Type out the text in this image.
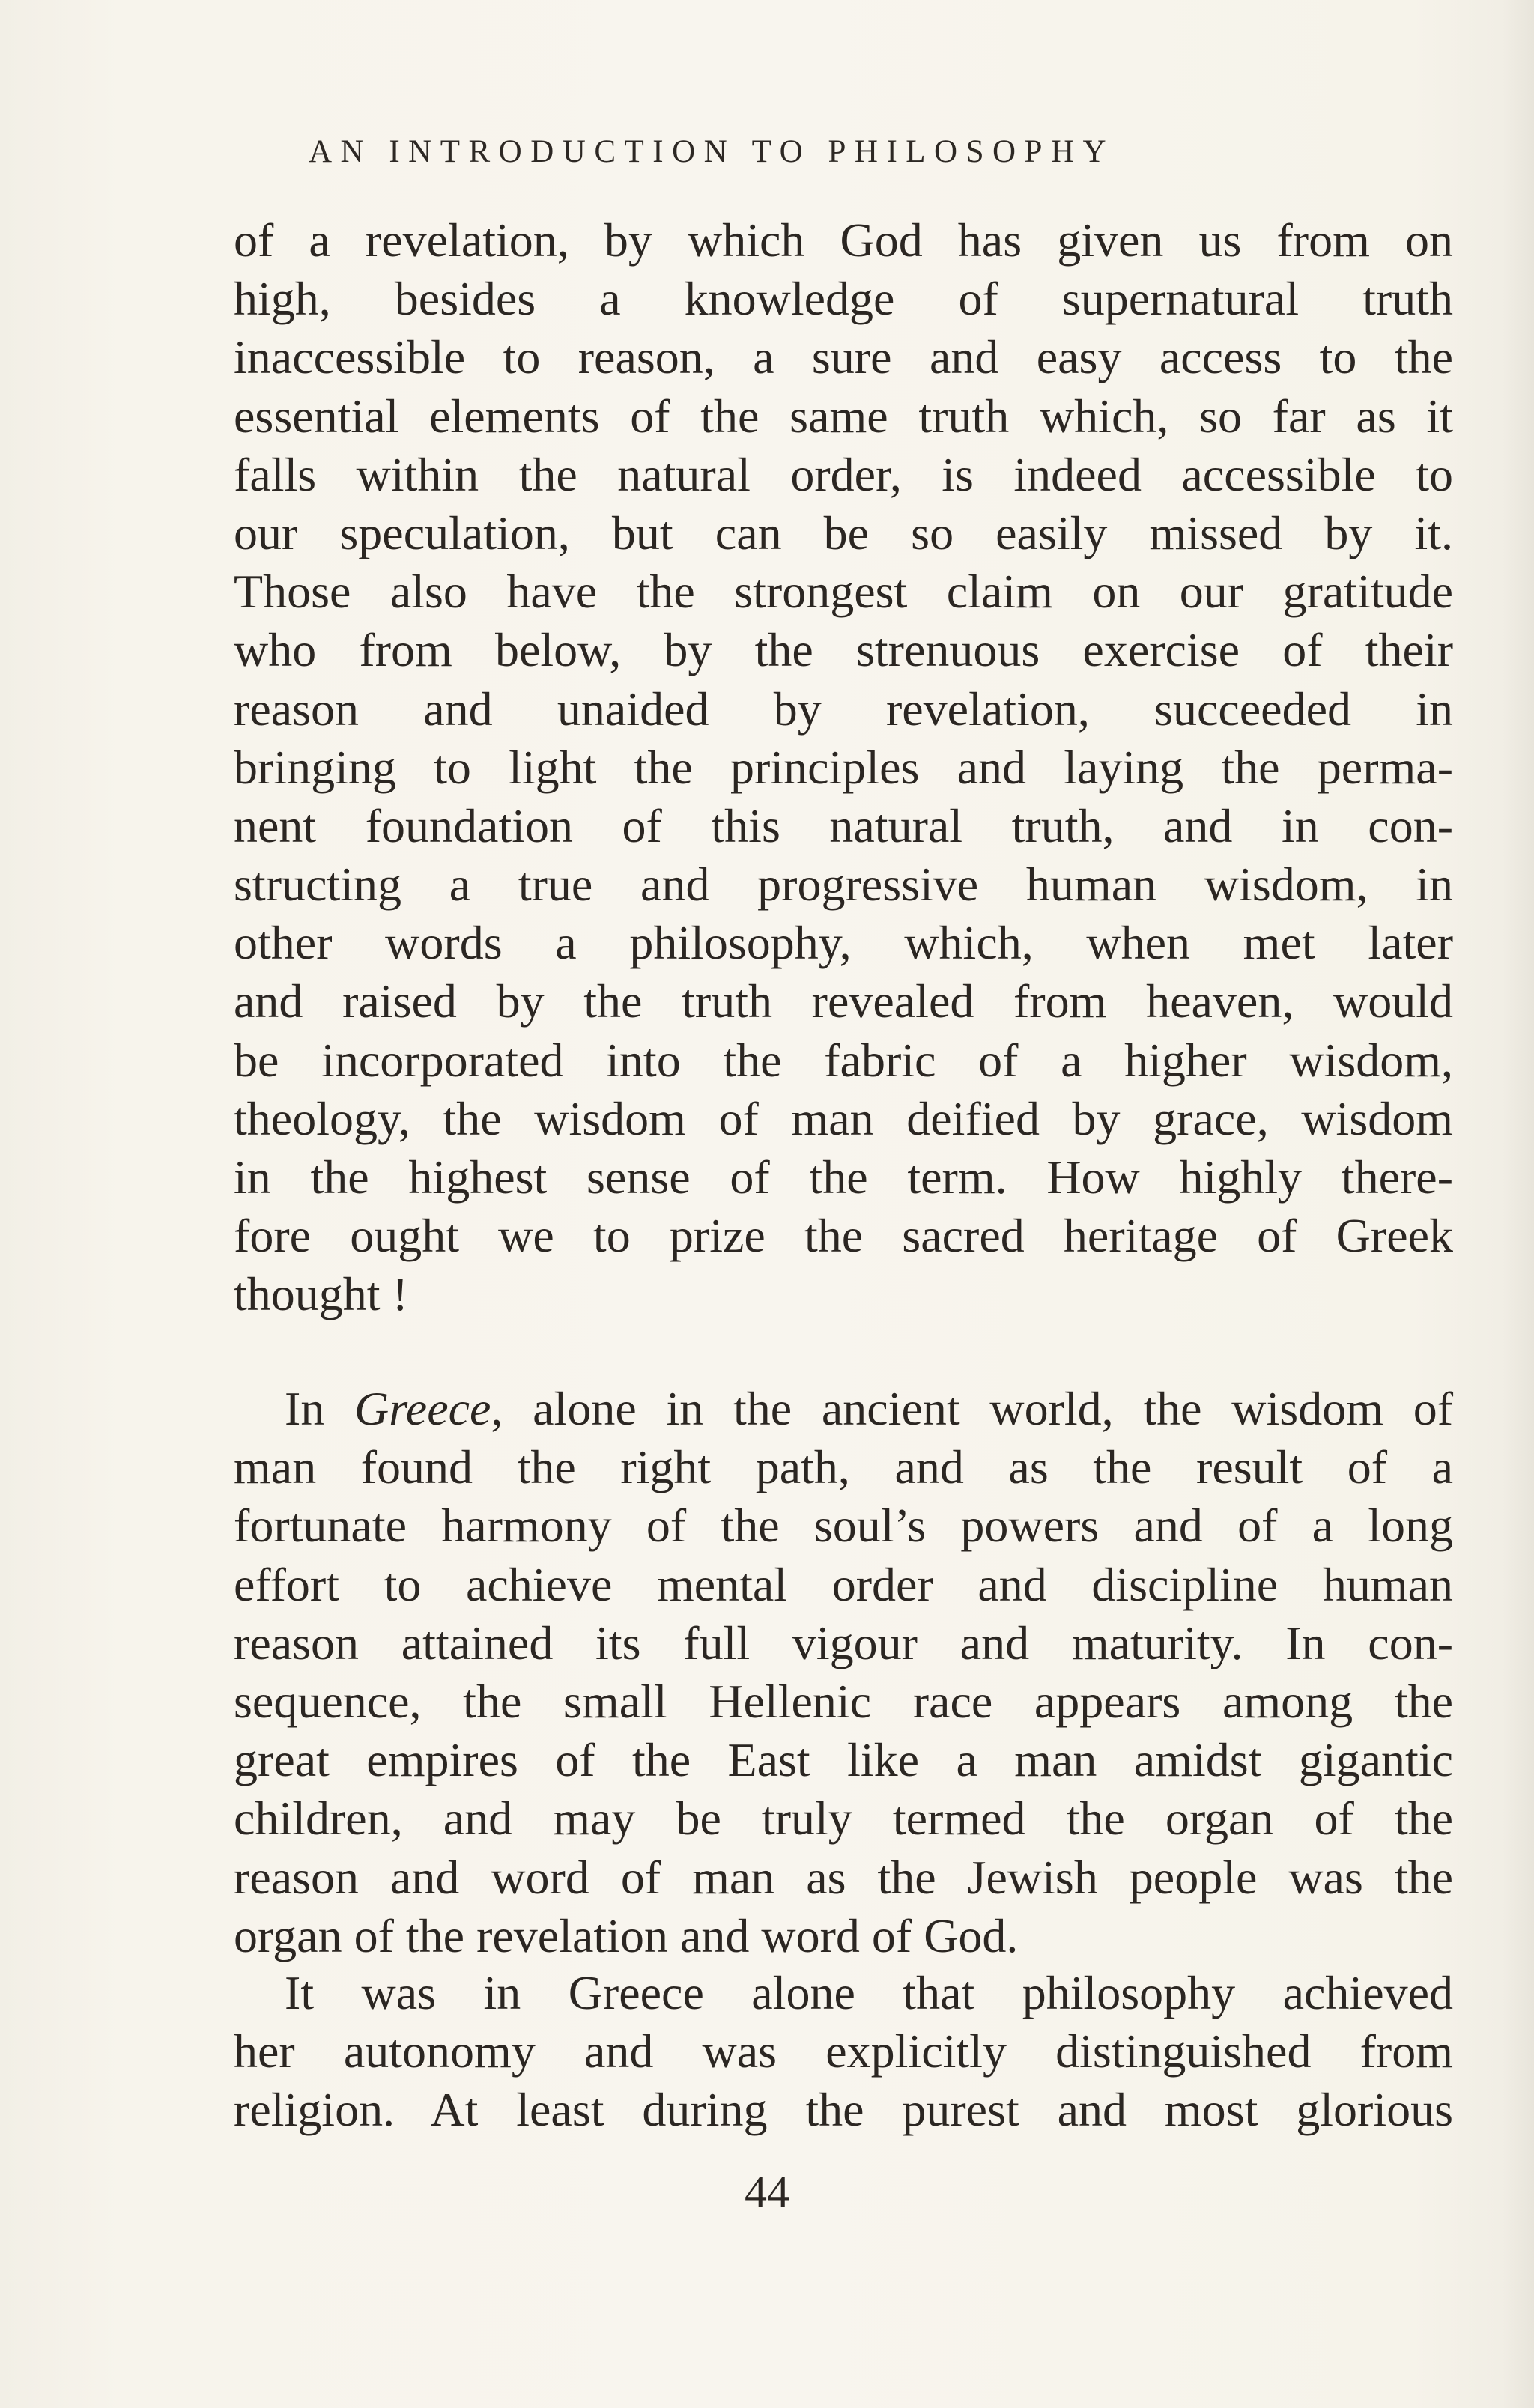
AN INTRODUCTION TO PHILOSOPHY
of a revelation, by which God has given us from on
high, besides a knowledge of supernatural truth
inaccessible to reason, a sure and easy access to the
essential elements of the same truth which, so far as it
falls within the natural order, is indeed accessible to
our speculation, but can be so easily missed by it.
Those also have the strongest claim on our gratitude
who from below, by the strenuous exercise of their
reason and unaided by revelation, succeeded in
bringing to light the principles and laying the perma-
nent foundation of this natural truth, and in con-
structing a true and progressive human wisdom, in
other words a philosophy, which, when met later
and raised by the truth revealed from heaven, would
be incorporated into the fabric of a higher wisdom,
theology, the wisdom of man deified by grace, wisdom
in the highest sense of the term. How highly there-
fore ought we to prize the sacred heritage of Greek
thought !
In Greece, alone in the ancient world, the wisdom of
man found the right path, and as the result of a
fortunate harmony of the soul’s powers and of a long
effort to achieve mental order and discipline human
reason attained its full vigour and maturity. In con-
sequence, the small Hellenic race appears among the
great empires of the East like a man amidst gigantic
children, and may be truly termed the organ of the
reason and word of man as the Jewish people was the
organ of the revelation and word of God.
It was in Greece alone that philosophy achieved
her autonomy and was explicitly distinguished from
religion. At least during the purest and most glorious
44
